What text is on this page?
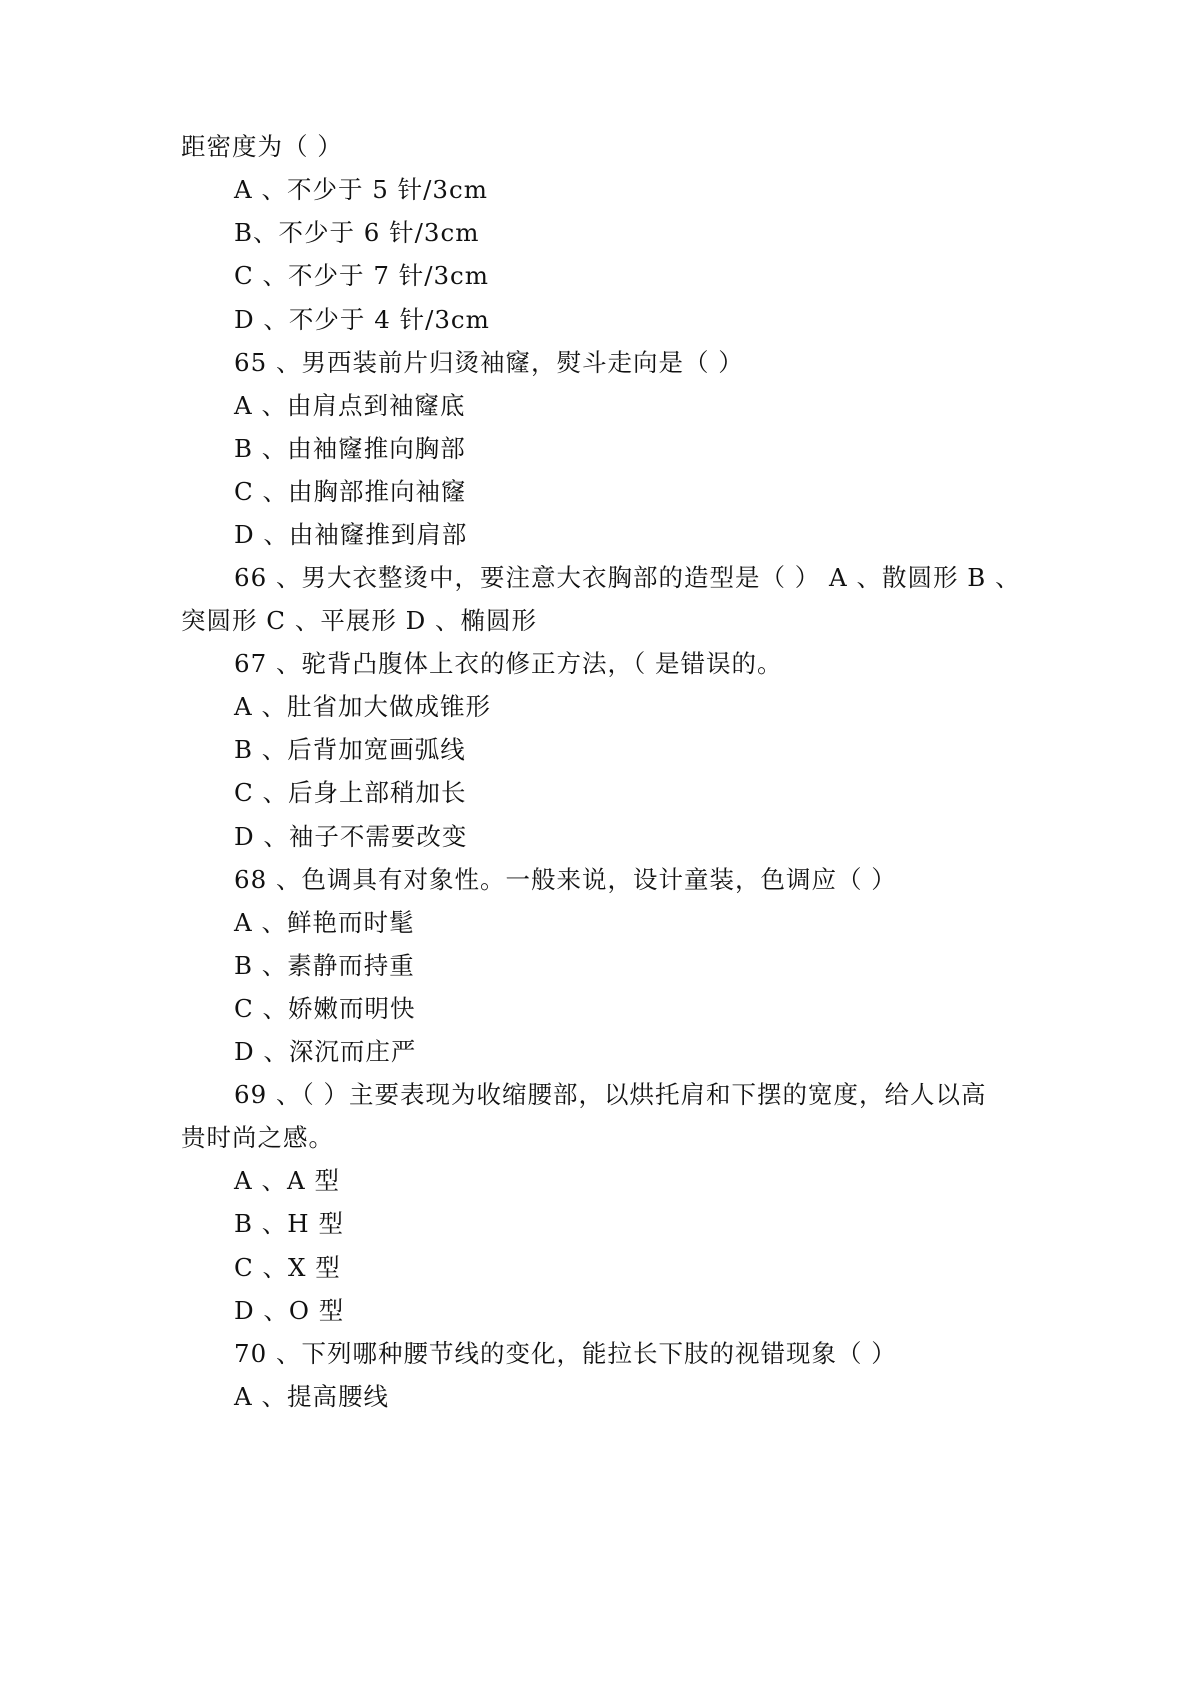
距密度为（ ）
A 、不少于 5 针/3cm
B、不少于 6 针/3cm
C 、不少于 7 针/3cm
D 、不少于 4 针/3cm
65 、男西装前片归烫袖窿，熨斗走向是（ ）
A 、由肩点到袖窿底
B 、由袖窿推向胸部
C 、由胸部推向袖窿
D 、由袖窿推到肩部
66 、男大衣整烫中，要注意大衣胸部的造型是（ ） A 、散圆形 B 、
突圆形 C 、平展形 D 、椭圆形
67 、驼背凸腹体上衣的修正方法，（ 是错误的。
A 、肚省加大做成锥形
B 、后背加宽画弧线
C 、后身上部稍加长
D 、袖子不需要改变
68 、色调具有对象性。一般来说，设计童装，色调应（ ）
A 、鲜艳而时髦
B 、素静而持重
C 、娇嫩而明快
D 、深沉而庄严
69 、（ ）主要表现为收缩腰部，以烘托肩和下摆的宽度，给人以高
贵时尚之感。
A 、A 型
B 、H 型
C 、X 型
D 、O 型
70 、下列哪种腰节线的变化，能拉长下肢的视错现象（ ）
A 、提高腰线
